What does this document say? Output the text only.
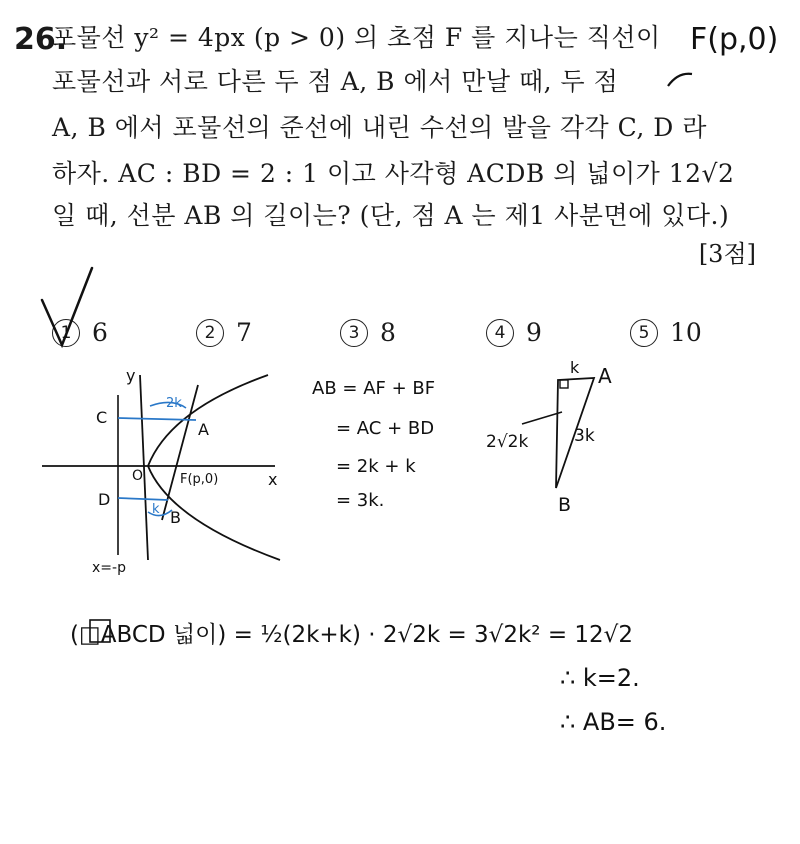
26.
포물선 y² = 4px (p > 0) 의 초점 F 를 지나는 직선이
포물선과 서로 다른 두 점 A, B 에서 만날 때, 두 점
A, B 에서 포물선의 준선에 내린 수선의 발을 각각 C, D 라
하자. AC : BD = 2 : 1 이고 사각형 ACDB 의 넓이가 12√2
일 때, 선분 AB 의 길이는? (단, 점 A 는 제1 사분면에 있다.)
[3점]
1 6	2 7	3 8	4 9	5 10
F(p,0)
y
x
O
C
D
A
B
F(p,0)
x=-p
2k
k
AB = AF + BF
= AC + BD
= 2k + k
= 3k.
k A
2√2k	3k
B
(□ABCD 넓이) = ½(2k+k) · 2√2k = 3√2k² = 12√2
∴ k=2.
∴ AB= 6.
